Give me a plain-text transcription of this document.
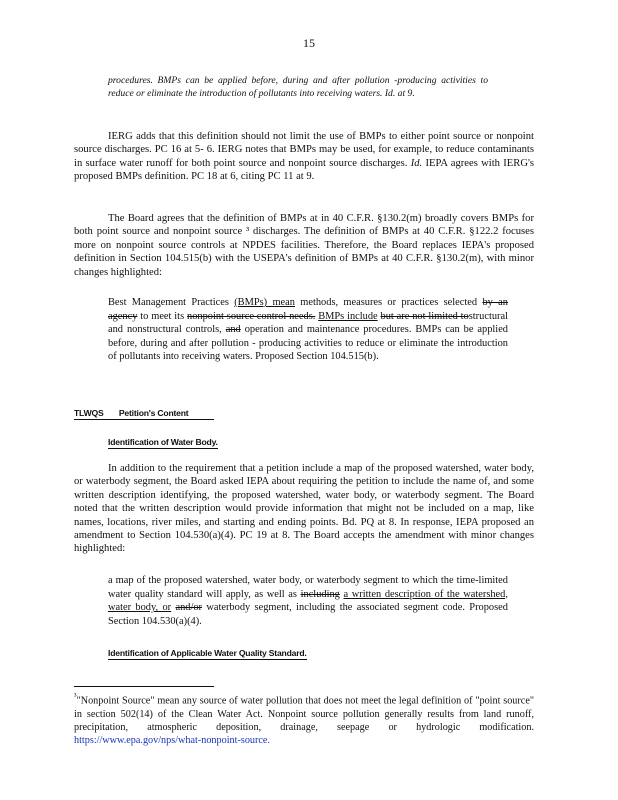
15
procedures. BMPs can be applied before, during and after pollution -producing activities to reduce or eliminate the introduction of pollutants into receiving waters. Id. at 9.
IERG adds that this definition should not limit the use of BMPs to either point source or nonpoint source discharges. PC 16 at 5- 6. IERG notes that BMPs may be used, for example, to reduce contaminants in surface water runoff for both point source and nonpoint source discharges. Id. IEPA agrees with IERG's proposed BMPs definition. PC 18 at 6, citing PC 11 at 9.
The Board agrees that the definition of BMPs at in 40 C.F.R. §130.2(m) broadly covers BMPs for both point source and nonpoint source ³ discharges. The definition of BMPs at 40 C.F.R. §122.2 focuses more on nonpoint source controls at NPDES facilities. Therefore, the Board replaces IEPA's proposed definition in Section 104.515(b) with the USEPA's definition of BMPs at 40 C.F.R. §130.2(m), with minor changes highlighted:
Best Management Practices (BMPs) mean methods, measures or practices selected by an agency to meet its nonpoint source control needs. BMPs include but are not limited tostructural and nonstructural controls, and operation and maintenance procedures. BMPs can be applied before, during and after pollution - producing activities to reduce or eliminate the introduction of pollutants into receiving waters. Proposed Section 104.515(b).
TLWQS Petition's Content
Identification of Water Body.
In addition to the requirement that a petition include a map of the proposed watershed, water body, or waterbody segment, the Board asked IEPA about requiring the petition to include the name of, and some written description identifying, the proposed watershed, water body, or waterbody segment. The Board noted that the written description would provide information that might not be included on a map, like names, locations, river miles, and starting and ending points. Bd. PQ at 8. In response, IEPA proposed an amendment to Section 104.530(a)(4). PC 19 at 8. The Board accepts the amendment with minor changes highlighted:
a map of the proposed watershed, water body, or waterbody segment to which the time-limited water quality standard will apply, as well as including a written description of the watershed, water body, or and/or waterbody segment, including the associated segment code. Proposed Section 104.530(a)(4).
Identification of Applicable Water Quality Standard.
$^{^3}$"Nonpoint Source" mean any source of water pollution that does not meet the legal definition of "point source" in section 502(14) of the Clean Water Act. Nonpoint source pollution generally results from land runoff, precipitation, atmospheric deposition, drainage, seepage or hydrologic modification. https://www.epa.gov/nps/what-nonpoint-source.
